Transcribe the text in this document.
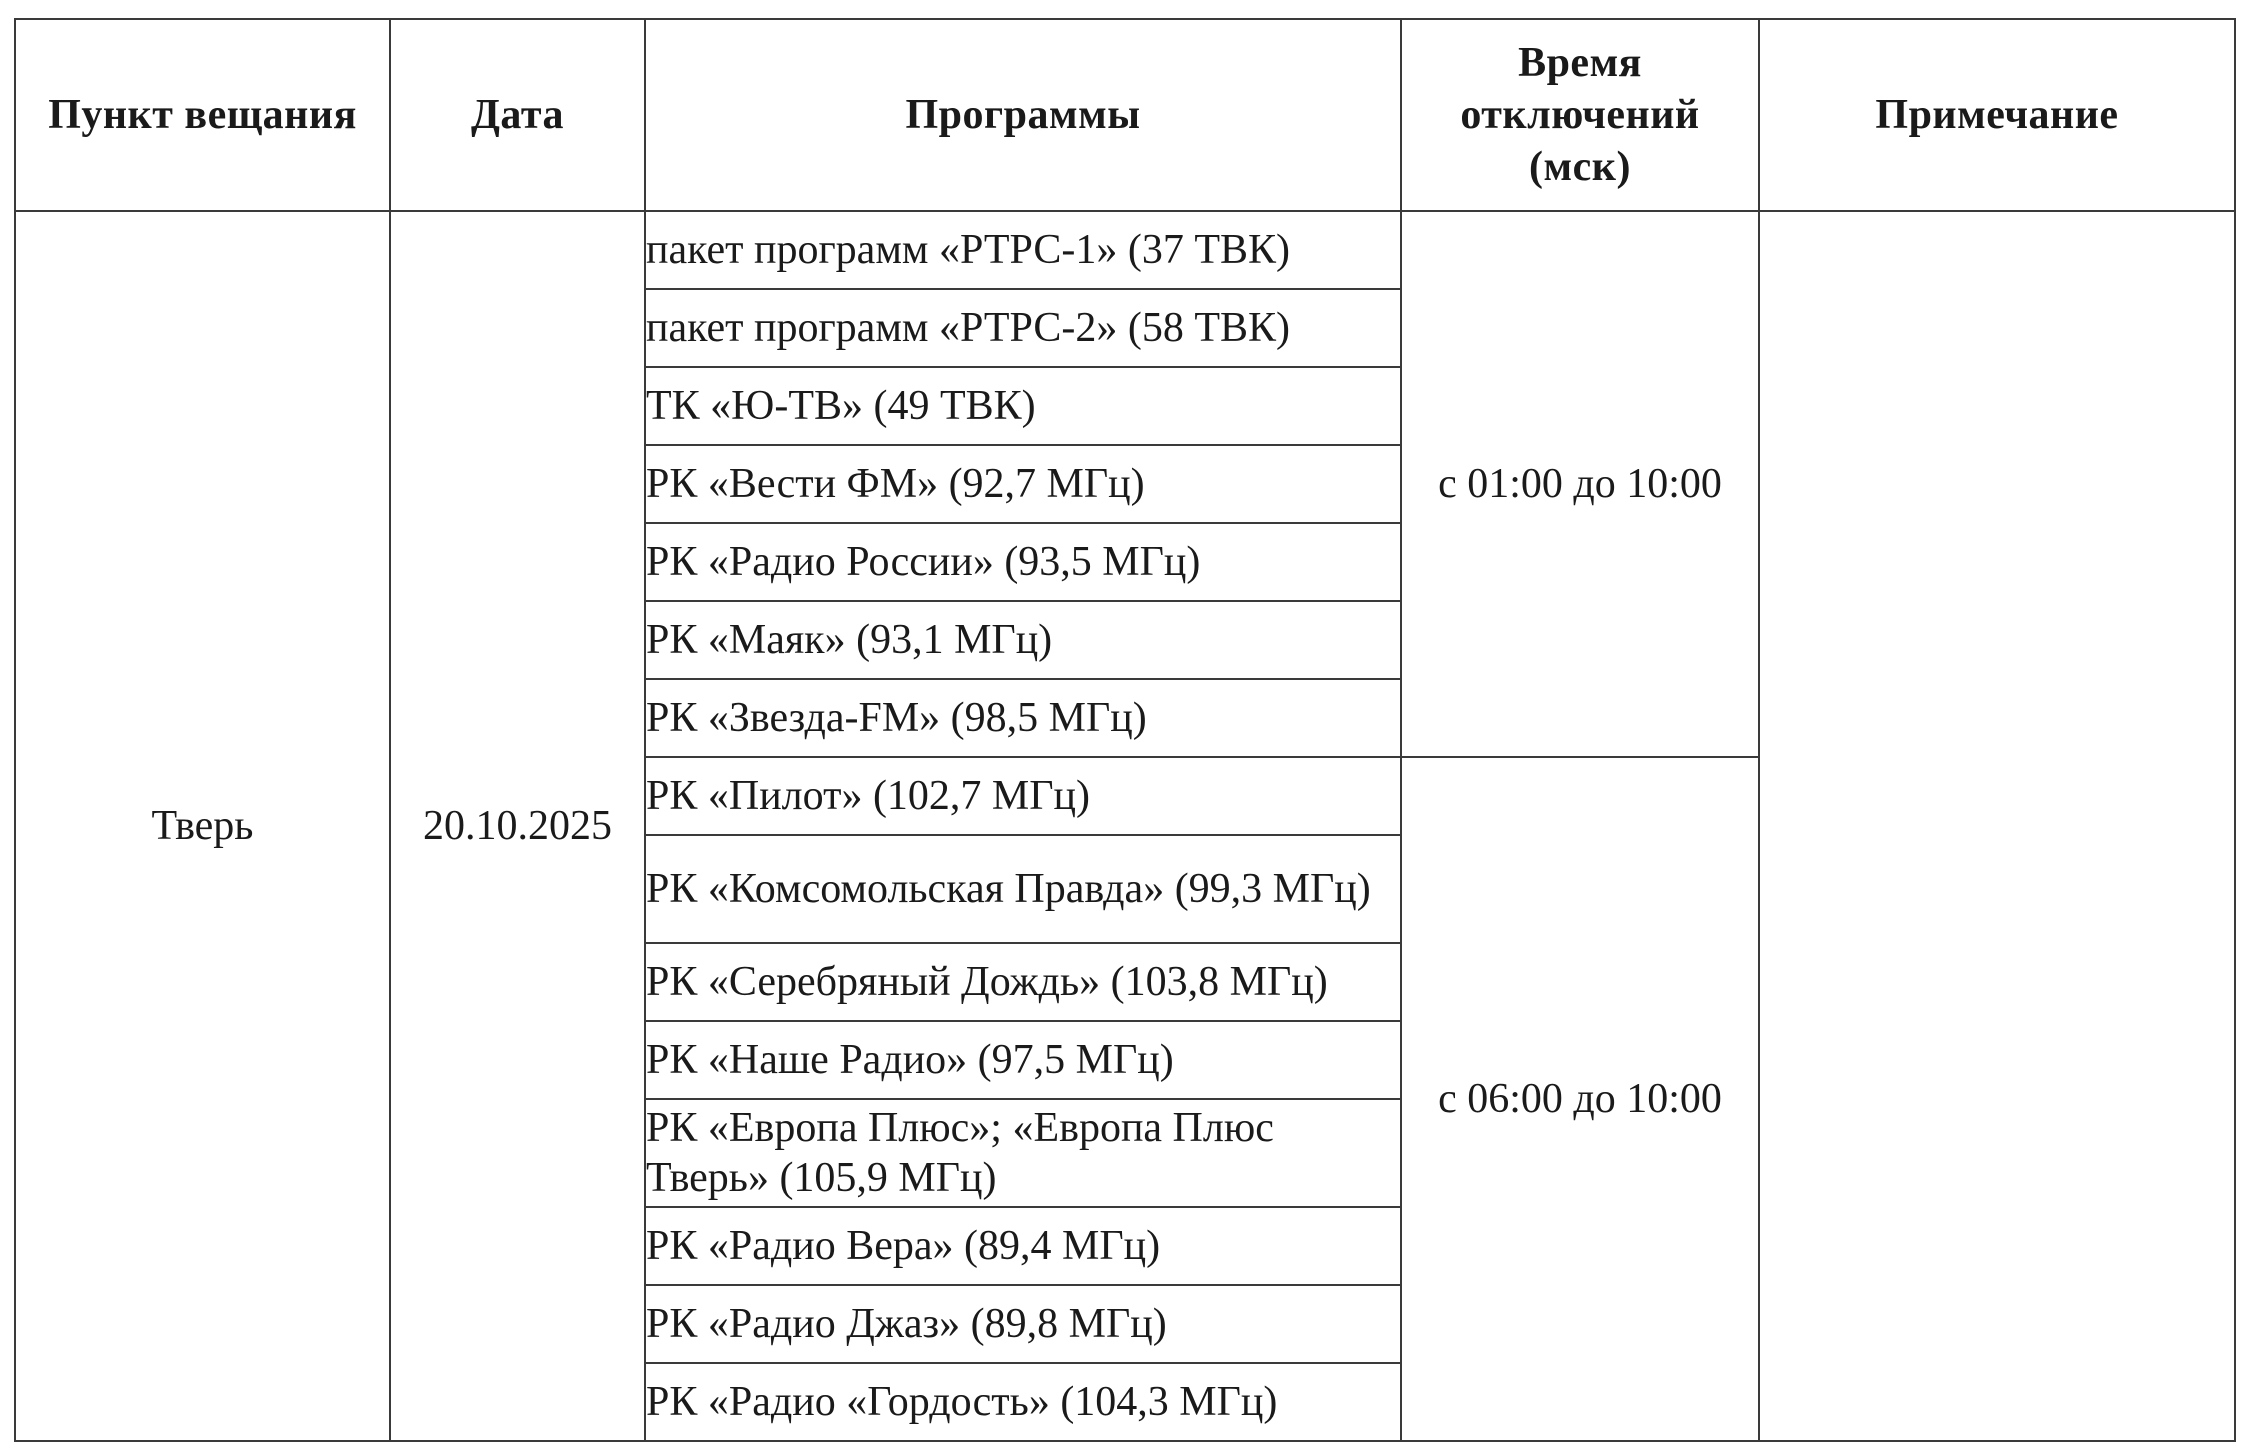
Пункт вещания	Дата	Программы	Время отключений (мск)	Примечание
Тверь	20.10.2025	пакет программ «РТРС-1» (37 ТВК)	с 01:00 до 10:00	
		пакет программ «РТРС-2» (58 ТВК)		
		ТК «Ю-ТВ» (49 ТВК)		
		РК «Вести ФМ» (92,7 МГц)		
		РК «Радио России» (93,5 МГц)		
		РК «Маяк» (93,1 МГц)		
		РК «Звезда-FM» (98,5 МГц)		
		РК «Пилот» (102,7 МГц)	с 06:00 до 10:00	
		РК «Комсомольская Правда» (99,3 МГц)		
		РК «Серебряный Дождь» (103,8 МГц)		
		РК «Наше Радио» (97,5 МГц)		
		РК «Европа Плюс»; «Европа Плюс Тверь» (105,9 МГц)		
		РК «Радио Вера» (89,4 МГц)		
		РК «Радио Джаз» (89,8 МГц)		
		РК «Радио «Гордость» (104,3 МГц)		
